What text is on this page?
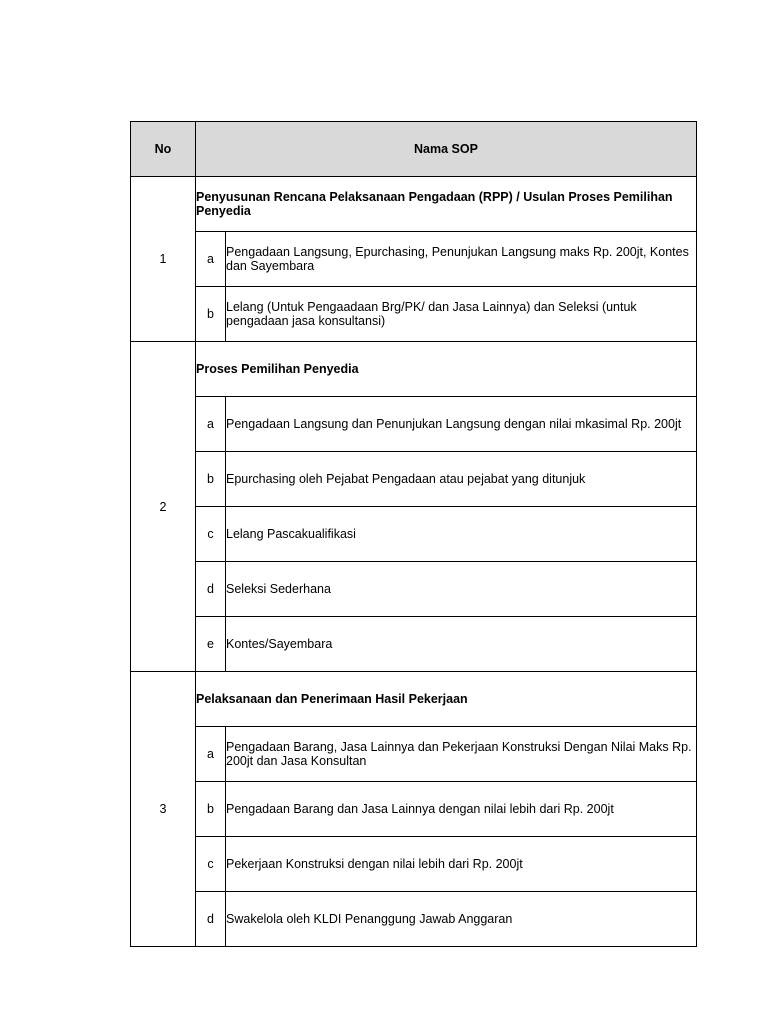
No	Nama SOP	
1	Penyusunan Rencana Pelaksanaan Pengadaan (RPP) / Usulan Proses Pemilihan Penyedia	
	a	Pengadaan Langsung, Epurchasing, Penunjukan Langsung maks Rp. 200jt, Kontes dan Sayembara
	b	Lelang (Untuk Pengaadaan Brg/PK/ dan Jasa Lainnya) dan Seleksi (untuk pengadaan jasa konsultansi)
2	Proses Pemilihan Penyedia	
	a	Pengadaan Langsung dan Penunjukan Langsung dengan nilai mkasimal Rp. 200jt
	b	Epurchasing oleh Pejabat Pengadaan atau pejabat yang ditunjuk
	c	Lelang Pascakualifikasi
	d	Seleksi Sederhana
	e	Kontes/Sayembara
3	Pelaksanaan dan Penerimaan Hasil Pekerjaan	
	a	Pengadaan Barang, Jasa Lainnya dan Pekerjaan Konstruksi Dengan Nilai Maks Rp. 200jt dan Jasa Konsultan
	b	Pengadaan Barang dan Jasa Lainnya dengan nilai lebih dari Rp. 200jt
	c	Pekerjaan Konstruksi dengan nilai lebih dari Rp. 200jt
	d	Swakelola oleh KLDI Penanggung Jawab Anggaran
